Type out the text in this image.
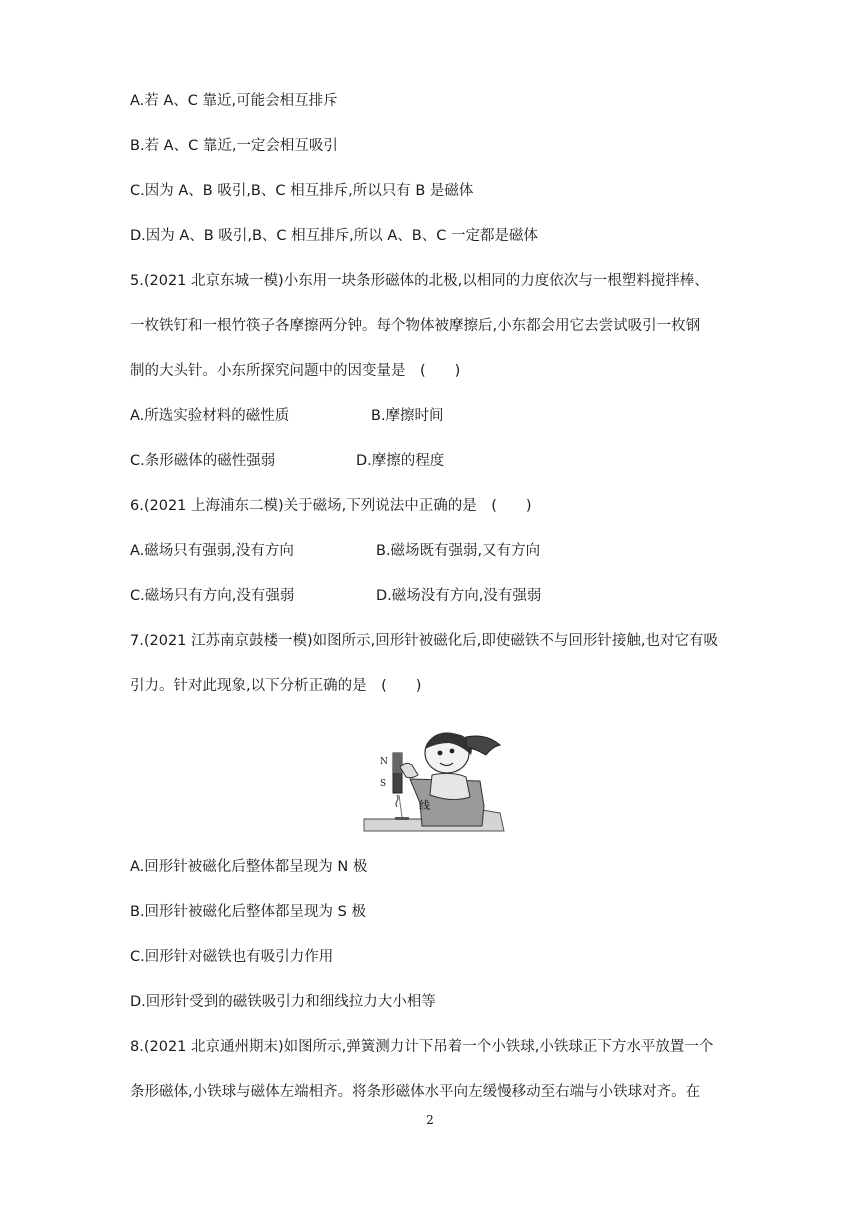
A.若 A、C 靠近,可能会相互排斥
B.若 A、C 靠近,一定会相互吸引
C.因为 A、B 吸引,B、C 相互排斥,所以只有 B 是磁体
D.因为 A、B 吸引,B、C 相互排斥,所以 A、B、C 一定都是磁体
5.(2021 北京东城一模)小东用一块条形磁体的北极,以相同的力度依次与一根塑料搅拌棒、
一枚铁钉和一根竹筷子各摩擦两分钟。每个物体被摩擦后,小东都会用它去尝试吸引一枚钢
制的大头针。小东所探究问题中的因变量是　(　　)
A.所选实验材料的磁性质	B.摩擦时间
C.条形磁体的磁性强弱	D.摩擦的程度
6.(2021 上海浦东二模)关于磁场,下列说法中正确的是　(　　)
A.磁场只有强弱,没有方向	B.磁场既有强弱,又有方向
C.磁场只有方向,没有强弱	D.磁场没有方向,没有强弱
7.(2021 江苏南京鼓楼一模)如图所示,回形针被磁化后,即使磁铁不与回形针接触,也对它有吸
引力。针对此现象,以下分析正确的是　(　　)
N
S
线
A.回形针被磁化后整体都呈现为 N 极
B.回形针被磁化后整体都呈现为 S 极
C.回形针对磁铁也有吸引力作用
D.回形针受到的磁铁吸引力和细线拉力大小相等
8.(2021 北京通州期末)如图所示,弹簧测力计下吊着一个小铁球,小铁球正下方水平放置一个
条形磁体,小铁球与磁体左端相齐。将条形磁体水平向左缓慢移动至右端与小铁球对齐。在
2
